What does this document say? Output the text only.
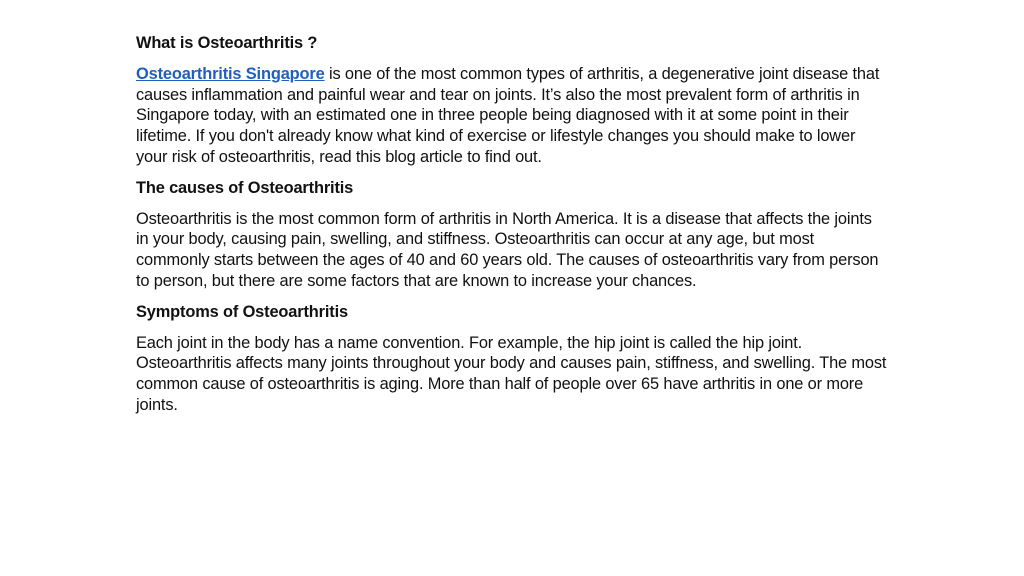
What is Osteoarthritis ?
Osteoarthritis Singapore is one of the most common types of arthritis, a degenerative joint disease that causes inflammation and painful wear and tear on joints. It’s also the most prevalent form of arthritis in Singapore today, with an estimated one in three people being diagnosed with it at some point in their lifetime. If you don't already know what kind of exercise or lifestyle changes you should make to lower your risk of osteoarthritis, read this blog article to find out.
The causes of Osteoarthritis
Osteoarthritis is the most common form of arthritis in North America. It is a disease that affects the joints in your body, causing pain, swelling, and stiffness. Osteoarthritis can occur at any age, but most commonly starts between the ages of 40 and 60 years old. The causes of osteoarthritis vary from person to person, but there are some factors that are known to increase your chances.
Symptoms of Osteoarthritis
Each joint in the body has a name convention. For example, the hip joint is called the hip joint. Osteoarthritis affects many joints throughout your body and causes pain, stiffness, and swelling. The most common cause of osteoarthritis is aging. More than half of people over 65 have arthritis in one or more joints.
